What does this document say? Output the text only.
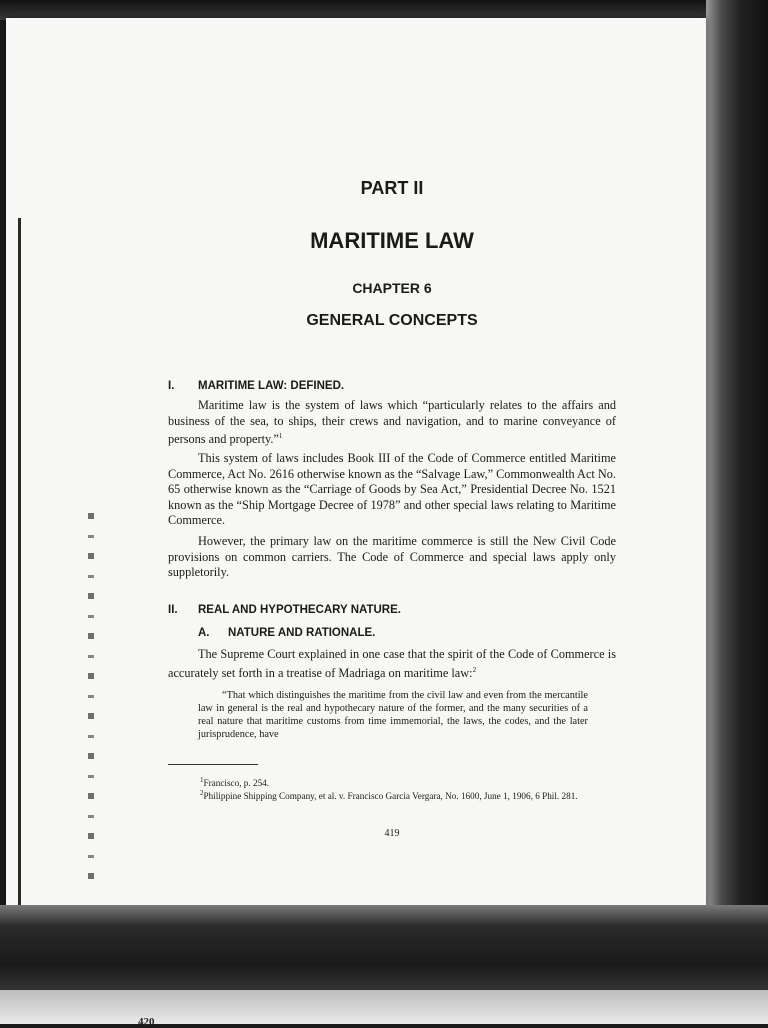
PART II
MARITIME LAW
CHAPTER 6
GENERAL CONCEPTS
I. MARITIME LAW: DEFINED.

Maritime law is the system of laws which “particularly relates to the affairs and business of the sea, to ships, their crews and navigation, and to marine conveyance of persons and property.”$^1$

This system of laws includes Book III of the Code of Commerce entitled Maritime Commerce, Act No. 2616 otherwise known as the “Salvage Law,” Commonwealth Act No. 65 otherwise known as the “Carriage of Goods by Sea Act,” Presidential Decree No. 1521 known as the “Ship Mortgage Decree of 1978” and other special laws relating to Maritime Commerce.

However, the primary law on the maritime commerce is still the New Civil Code provisions on common carriers. The Code of Commerce and special laws apply only suppletorily.

II. REAL AND HYPOTHECARY NATURE.
A. NATURE AND RATIONALE.

The Supreme Court explained in one case that the spirit of the Code of Commerce is accurately set forth in a treatise of Madriaga on maritime law:$^2$

“That which distinguishes the maritime from the civil law and even from the mercantile law in general is the real and hypothecary nature of the former, and the many securities of a real nature that maritime customs from time immemorial, the laws, the codes, and the later jurisprudence, have

$^1$Francisco, p. 254.

$^2$Philippine Shipping Company, et al. v. Francisco Garcia Vergara, No. 1600, June 1, 1906, 6 Phil. 281.

419
420
